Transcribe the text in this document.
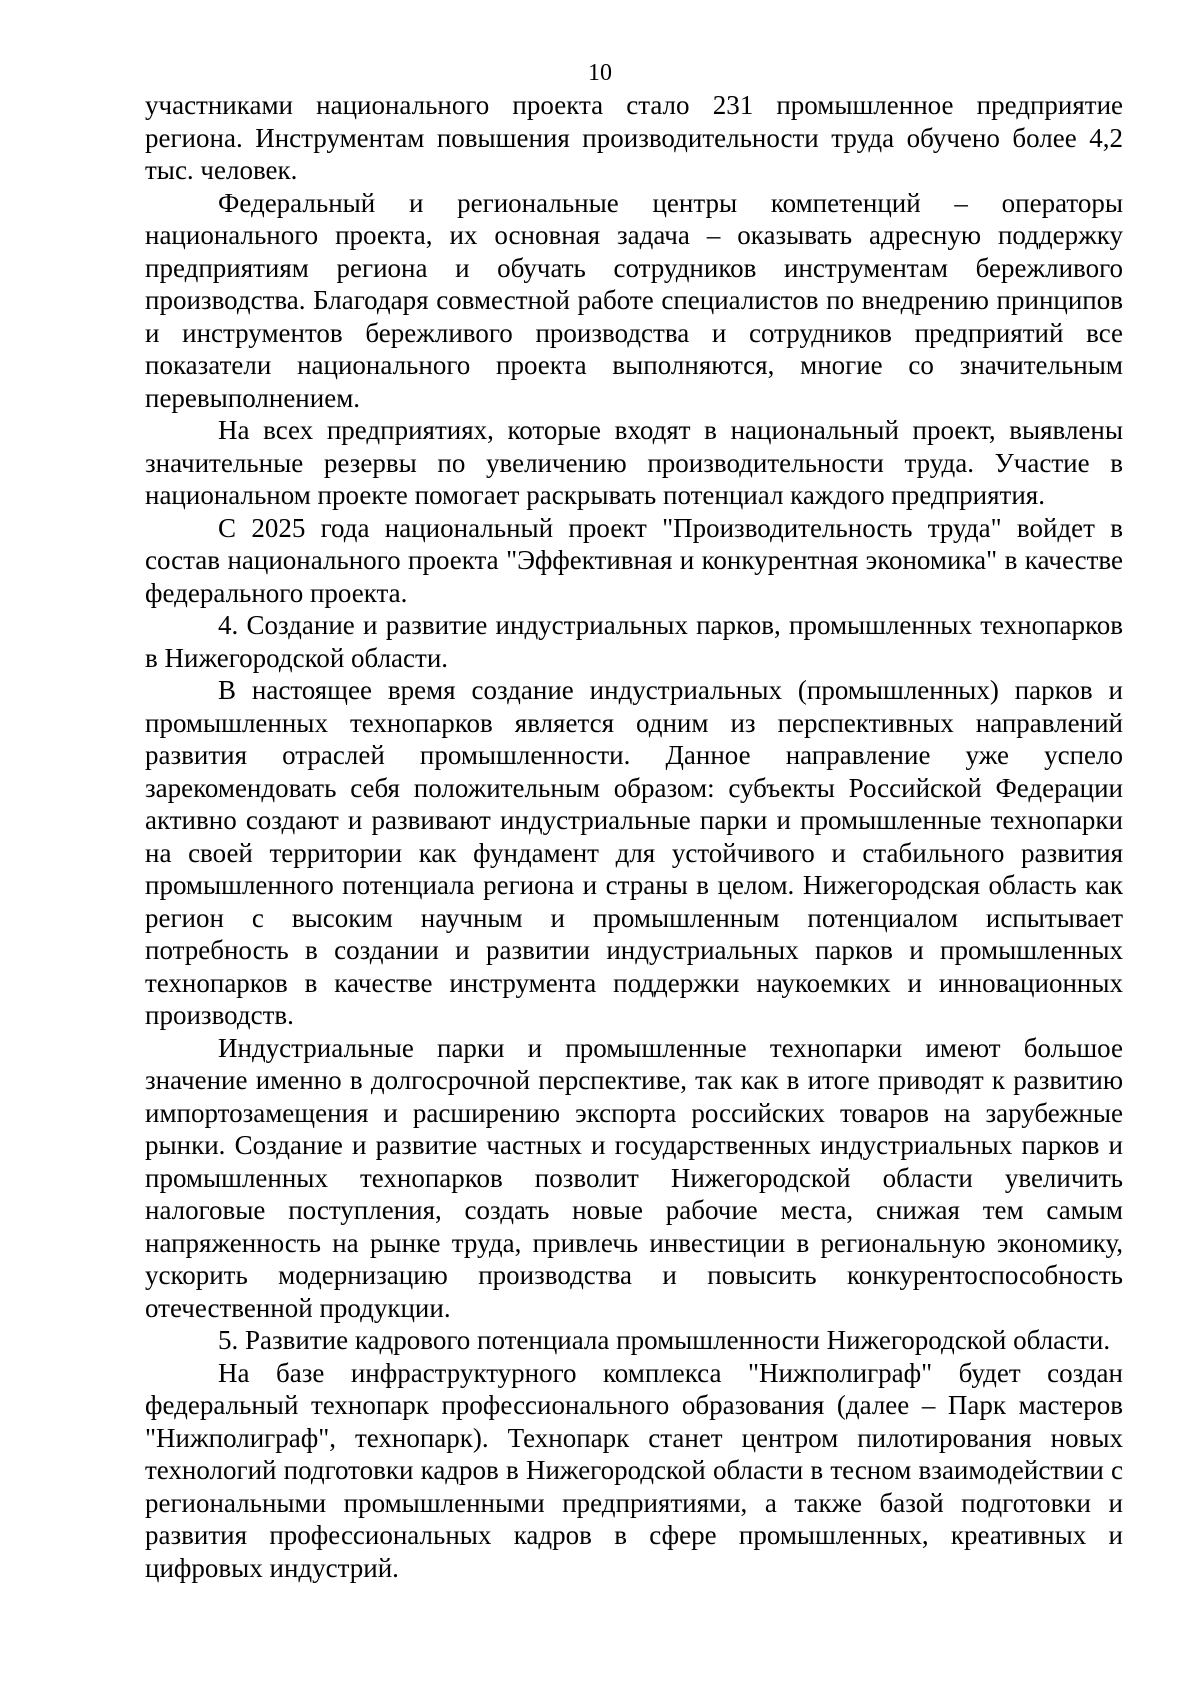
10

участниками национального проекта стало 231 промышленное предприятие региона. Инструментам повышения производительности труда обучено более 4,2 тыс. человек.

Федеральный и региональные центры компетенций – операторы национального проекта, их основная задача – оказывать адресную поддержку предприятиям региона и обучать сотрудников инструментам бережливого производства. Благодаря совместной работе специалистов по внедрению принципов и инструментов бережливого производства и сотрудников предприятий все показатели национального проекта выполняются, многие со значительным перевыполнением.

На всех предприятиях, которые входят в национальный проект, выявлены значительные резервы по увеличению производительности труда. Участие в национальном проекте помогает раскрывать потенциал каждого предприятия.

С 2025 года национальный проект "Производительность труда" войдет в состав национального проекта "Эффективная и конкурентная экономика" в качестве федерального проекта.

4. Создание и развитие индустриальных парков, промышленных технопарков в Нижегородской области.

В настоящее время создание индустриальных (промышленных) парков и промышленных технопарков является одним из перспективных направлений развития отраслей промышленности. Данное направление уже успело зарекомендовать себя положительным образом: субъекты Российской Федерации активно создают и развивают индустриальные парки и промышленные технопарки на своей территории как фундамент для устойчивого и стабильного развития промышленного потенциала региона и страны в целом. Нижегородская область как регион с высоким научным и промышленным потенциалом испытывает потребность в создании и развитии индустриальных парков и промышленных технопарков в качестве инструмента поддержки наукоемких и инновационных производств.

Индустриальные парки и промышленные технопарки имеют большое значение именно в долгосрочной перспективе, так как в итоге приводят к развитию импортозамещения и расширению экспорта российских товаров на зарубежные рынки. Создание и развитие частных и государственных индустриальных парков и промышленных технопарков позволит Нижегородской области увеличить налоговые поступления, создать новые рабочие места, снижая тем самым напряженность на рынке труда, привлечь инвестиции в региональную экономику, ускорить модернизацию производства и повысить конкурентоспособность отечественной продукции.

5. Развитие кадрового потенциала промышленности Нижегородской области.

На базе инфраструктурного комплекса "Нижполиграф" будет создан федеральный технопарк профессионального образования (далее – Парк мастеров "Нижполиграф", технопарк). Технопарк станет центром пилотирования новых технологий подготовки кадров в Нижегородской области в тесном взаимодействии с региональными промышленными предприятиями, а также базой подготовки и развития профессиональных кадров в сфере промышленных, креативных и цифровых индустрий.
